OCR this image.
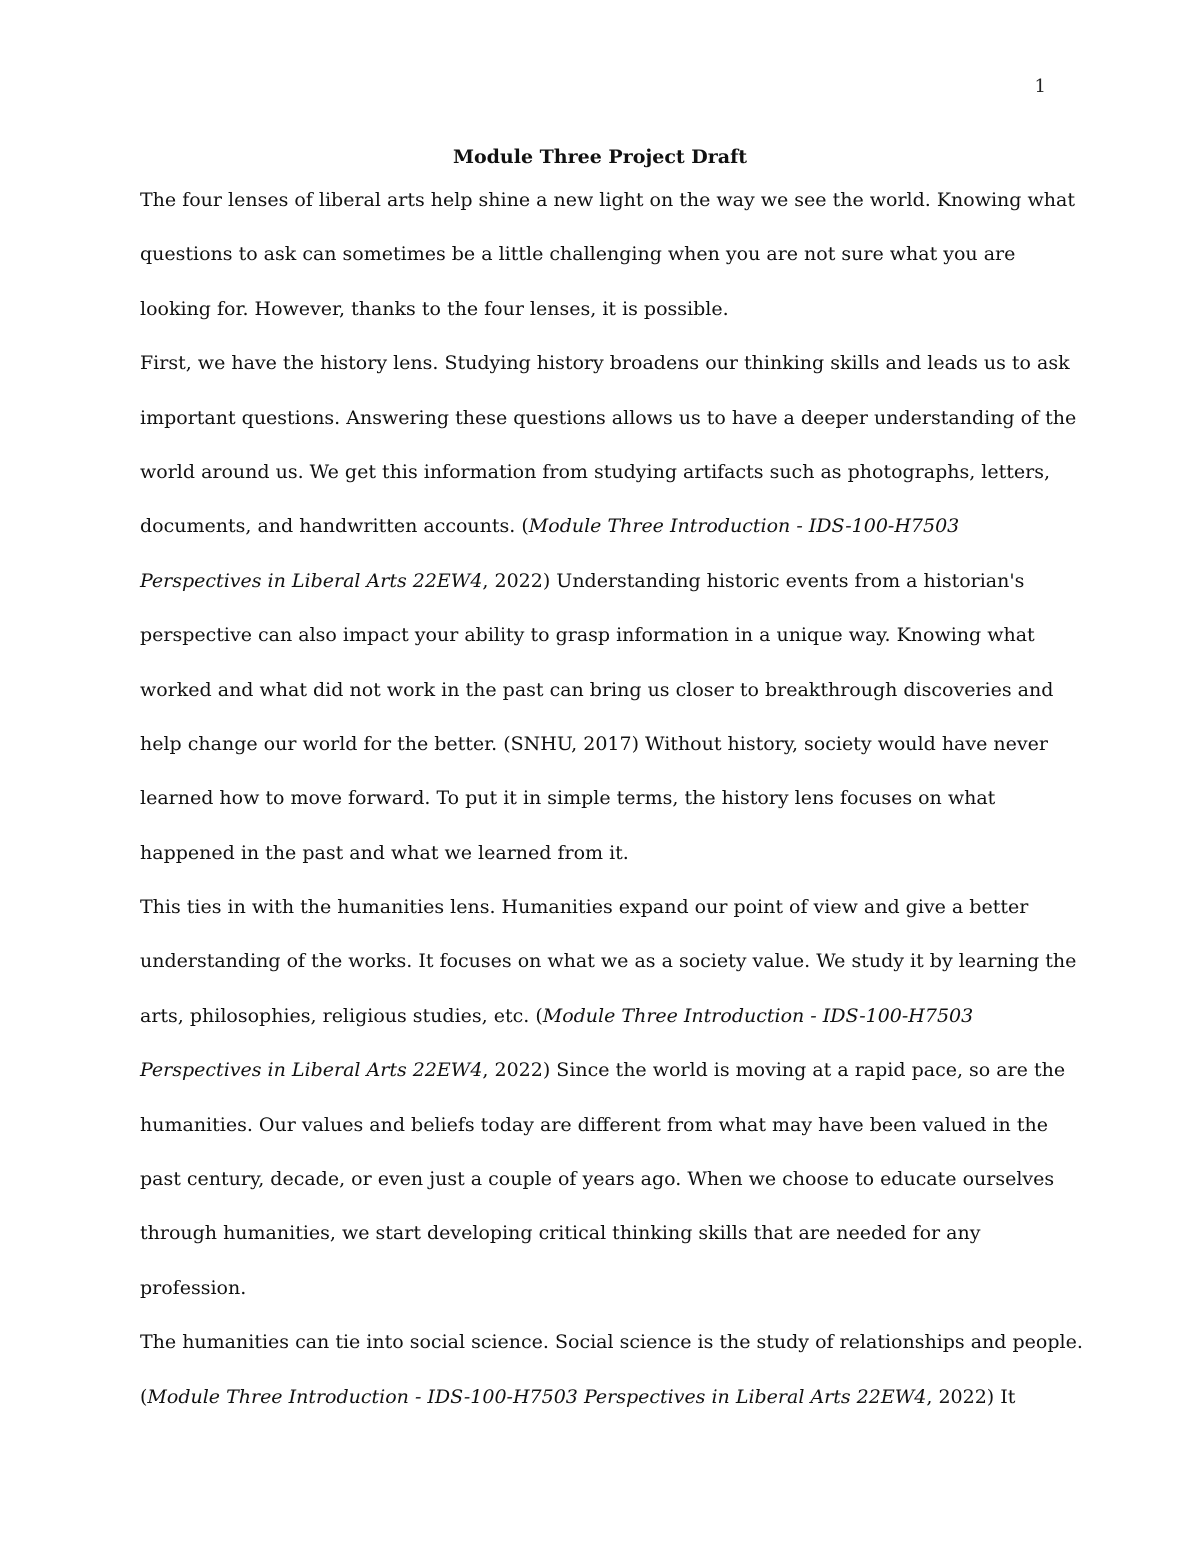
1
Module Three Project Draft
The four lenses of liberal arts help shine a new light on the way we see the world. Knowing what
questions to ask can sometimes be a little challenging when you are not sure what you are
looking for. However, thanks to the four lenses, it is possible.
First, we have the history lens. Studying history broadens our thinking skills and leads us to ask
important questions. Answering these questions allows us to have a deeper understanding of the
world around us. We get this information from studying artifacts such as photographs, letters,
documents, and handwritten accounts. (Module Three Introduction - IDS-100-H7503
Perspectives in Liberal Arts 22EW4, 2022) Understanding historic events from a historian's
perspective can also impact your ability to grasp information in a unique way. Knowing what
worked and what did not work in the past can bring us closer to breakthrough discoveries and
help change our world for the better. (SNHU, 2017) Without history, society would have never
learned how to move forward. To put it in simple terms, the history lens focuses on what
happened in the past and what we learned from it.
This ties in with the humanities lens. Humanities expand our point of view and give a better
understanding of the works. It focuses on what we as a society value. We study it by learning the
arts, philosophies, religious studies, etc. (Module Three Introduction - IDS-100-H7503
Perspectives in Liberal Arts 22EW4, 2022) Since the world is moving at a rapid pace, so are the
humanities. Our values and beliefs today are different from what may have been valued in the
past century, decade, or even just a couple of years ago. When we choose to educate ourselves
through humanities, we start developing critical thinking skills that are needed for any
profession.
The humanities can tie into social science. Social science is the study of relationships and people.
(Module Three Introduction - IDS-100-H7503 Perspectives in Liberal Arts 22EW4, 2022) It
